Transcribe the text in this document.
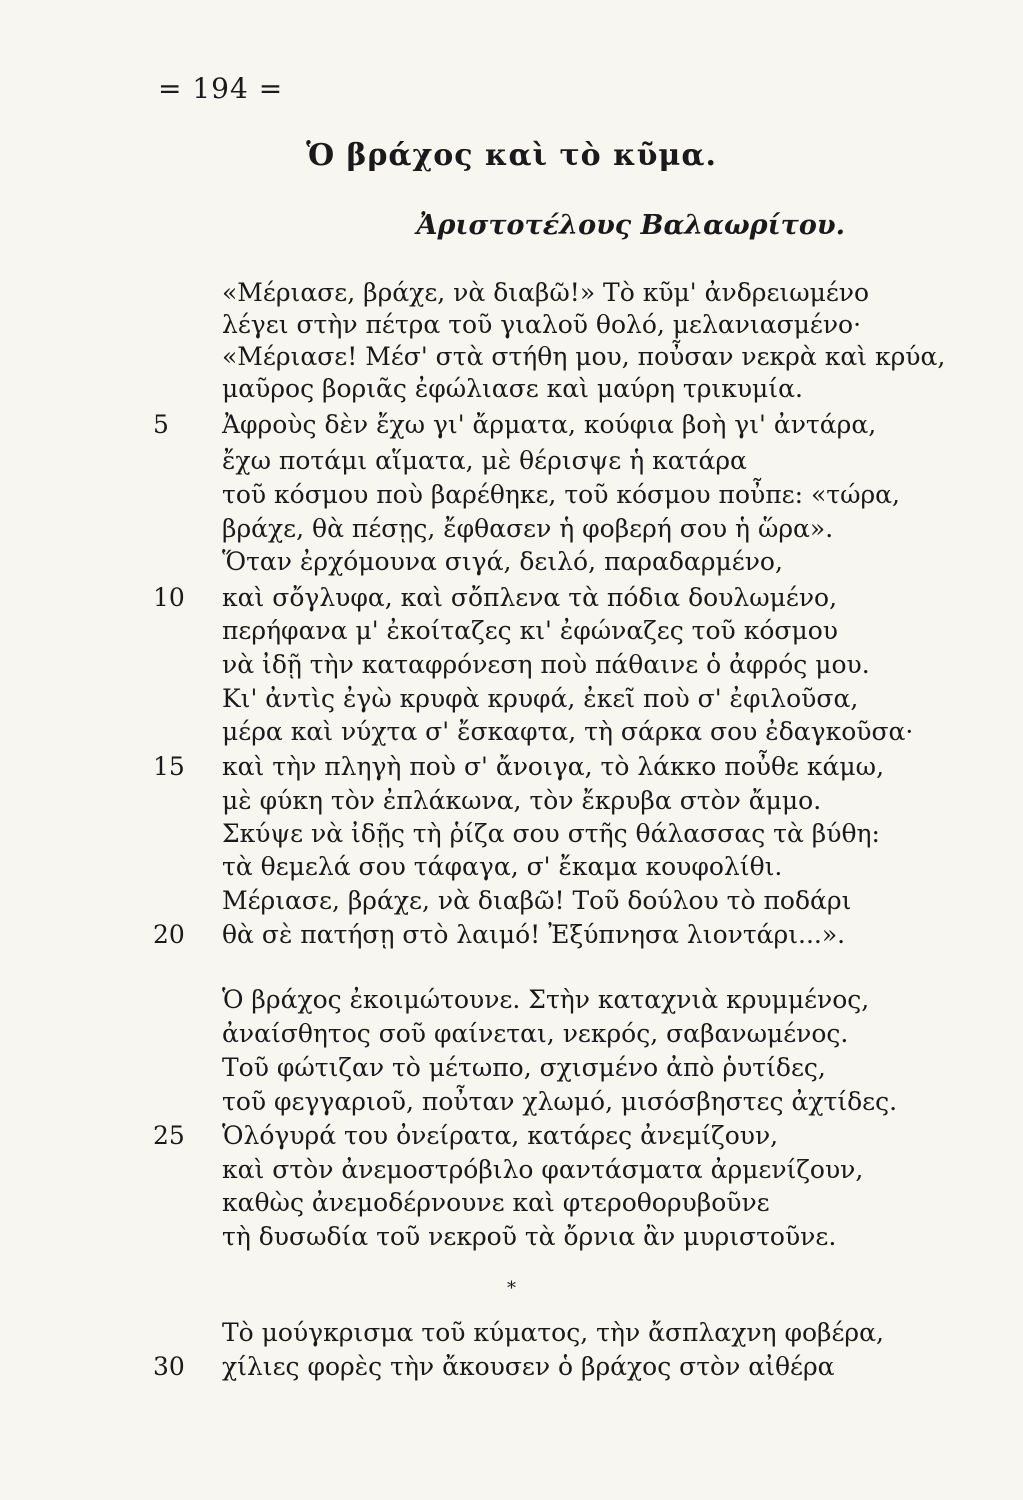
= 194 =
Ὁ βράχος καὶ τὸ κῦμα.
Ἀριστοτέλους Βαλαωρίτου.
«Μέριασε, βράχε, νὰ διαβῶ!» Τὸ κῦμ' ἀνδρειωμένο
λέγει στὴν πέτρα τοῦ γιαλοῦ θολό, μελανιασμένο·
«Μέριασε! Μέσ' στὰ στήθη μου, ποὖσαν νεκρὰ καὶ κρύα,
μαῦρος βοριᾶς ἐφώλιασε καὶ μαύρη τρικυμία.
Ἀφροὺς δὲν ἔχω γι' ἄρματα, κούφια βοὴ γι' ἀντάρα,
ἔχω ποτάμι αἵματα, μὲ θέρισψε ἡ κατάρα
τοῦ κόσμου ποὺ βαρέθηκε, τοῦ κόσμου ποὖπε: «τώρα,
βράχε, θὰ πέσῃς, ἔφθασεν ἡ φοβερή σου ἡ ὥρα».
Ὅταν ἐρχόμουνα σιγά, δειλό, παραδαρμένο,
καὶ σὄγλυφα, καὶ σὄπλενα τὰ πόδια δουλωμένο,
περήφανα μ' ἐκοίταζες κι' ἐφώναζες τοῦ κόσμου
νὰ ἰδῇ τὴν καταφρόνεση ποὺ πάθαινε ὁ ἀφρός μου.
Κι' ἀντὶς ἐγὼ κρυφὰ κρυφά, ἐκεῖ ποὺ σ' ἐφιλοῦσα,
μέρα καὶ νύχτα σ' ἔσκαφτα, τὴ σάρκα σου ἐδαγκοῦσα·
καὶ τὴν πληγὴ ποὺ σ' ἄνοιγα, τὸ λάκκο ποὖθε κάμω,
μὲ φύκη τὸν ἐπλάκωνα, τὸν ἔκρυβα στὸν ἄμμο.
Σκύψε νὰ ἰδῇς τὴ ῥίζα σου στῆς θάλασσας τὰ βύθη:
τὰ θεμελά σου τάφαγα, σ' ἔκαμα κουφολίθι.
Μέριασε, βράχε, νὰ διαβῶ! Τοῦ δούλου τὸ ποδάρι
θὰ σὲ πατήσῃ στὸ λαιμό! Ἐξύπνησα λιοντάρι...».
Ὁ βράχος ἐκοιμώτουνε. Στὴν καταχνιὰ κρυμμένος,
ἀναίσθητος σοῦ φαίνεται, νεκρός, σαβανωμένος.
Τοῦ φώτιζαν τὸ μέτωπο, σχισμένο ἀπὸ ῥυτίδες,
τοῦ φεγγαριοῦ, ποὖταν χλωμό, μισόσβηστες ἀχτίδες.
Ὁλόγυρά του ὀνείρατα, κατάρες ἀνεμίζουν,
καὶ στὸν ἀνεμοστρόβιλο φαντάσματα ἀρμενίζουν,
καθὼς ἀνεμοδέρνουνε καὶ φτεροθορυβοῦνε
τὴ δυσωδία τοῦ νεκροῦ τὰ ὄρνια ἂν μυριστοῦνε.
*
Τὸ μούγκρισμα τοῦ κύματος, τὴν ἄσπλαχνη φοβέρα,
χίλιες φορὲς τὴν ἄκουσεν ὁ βράχος στὸν αἰθέρα
5
10
15
20
25
30
